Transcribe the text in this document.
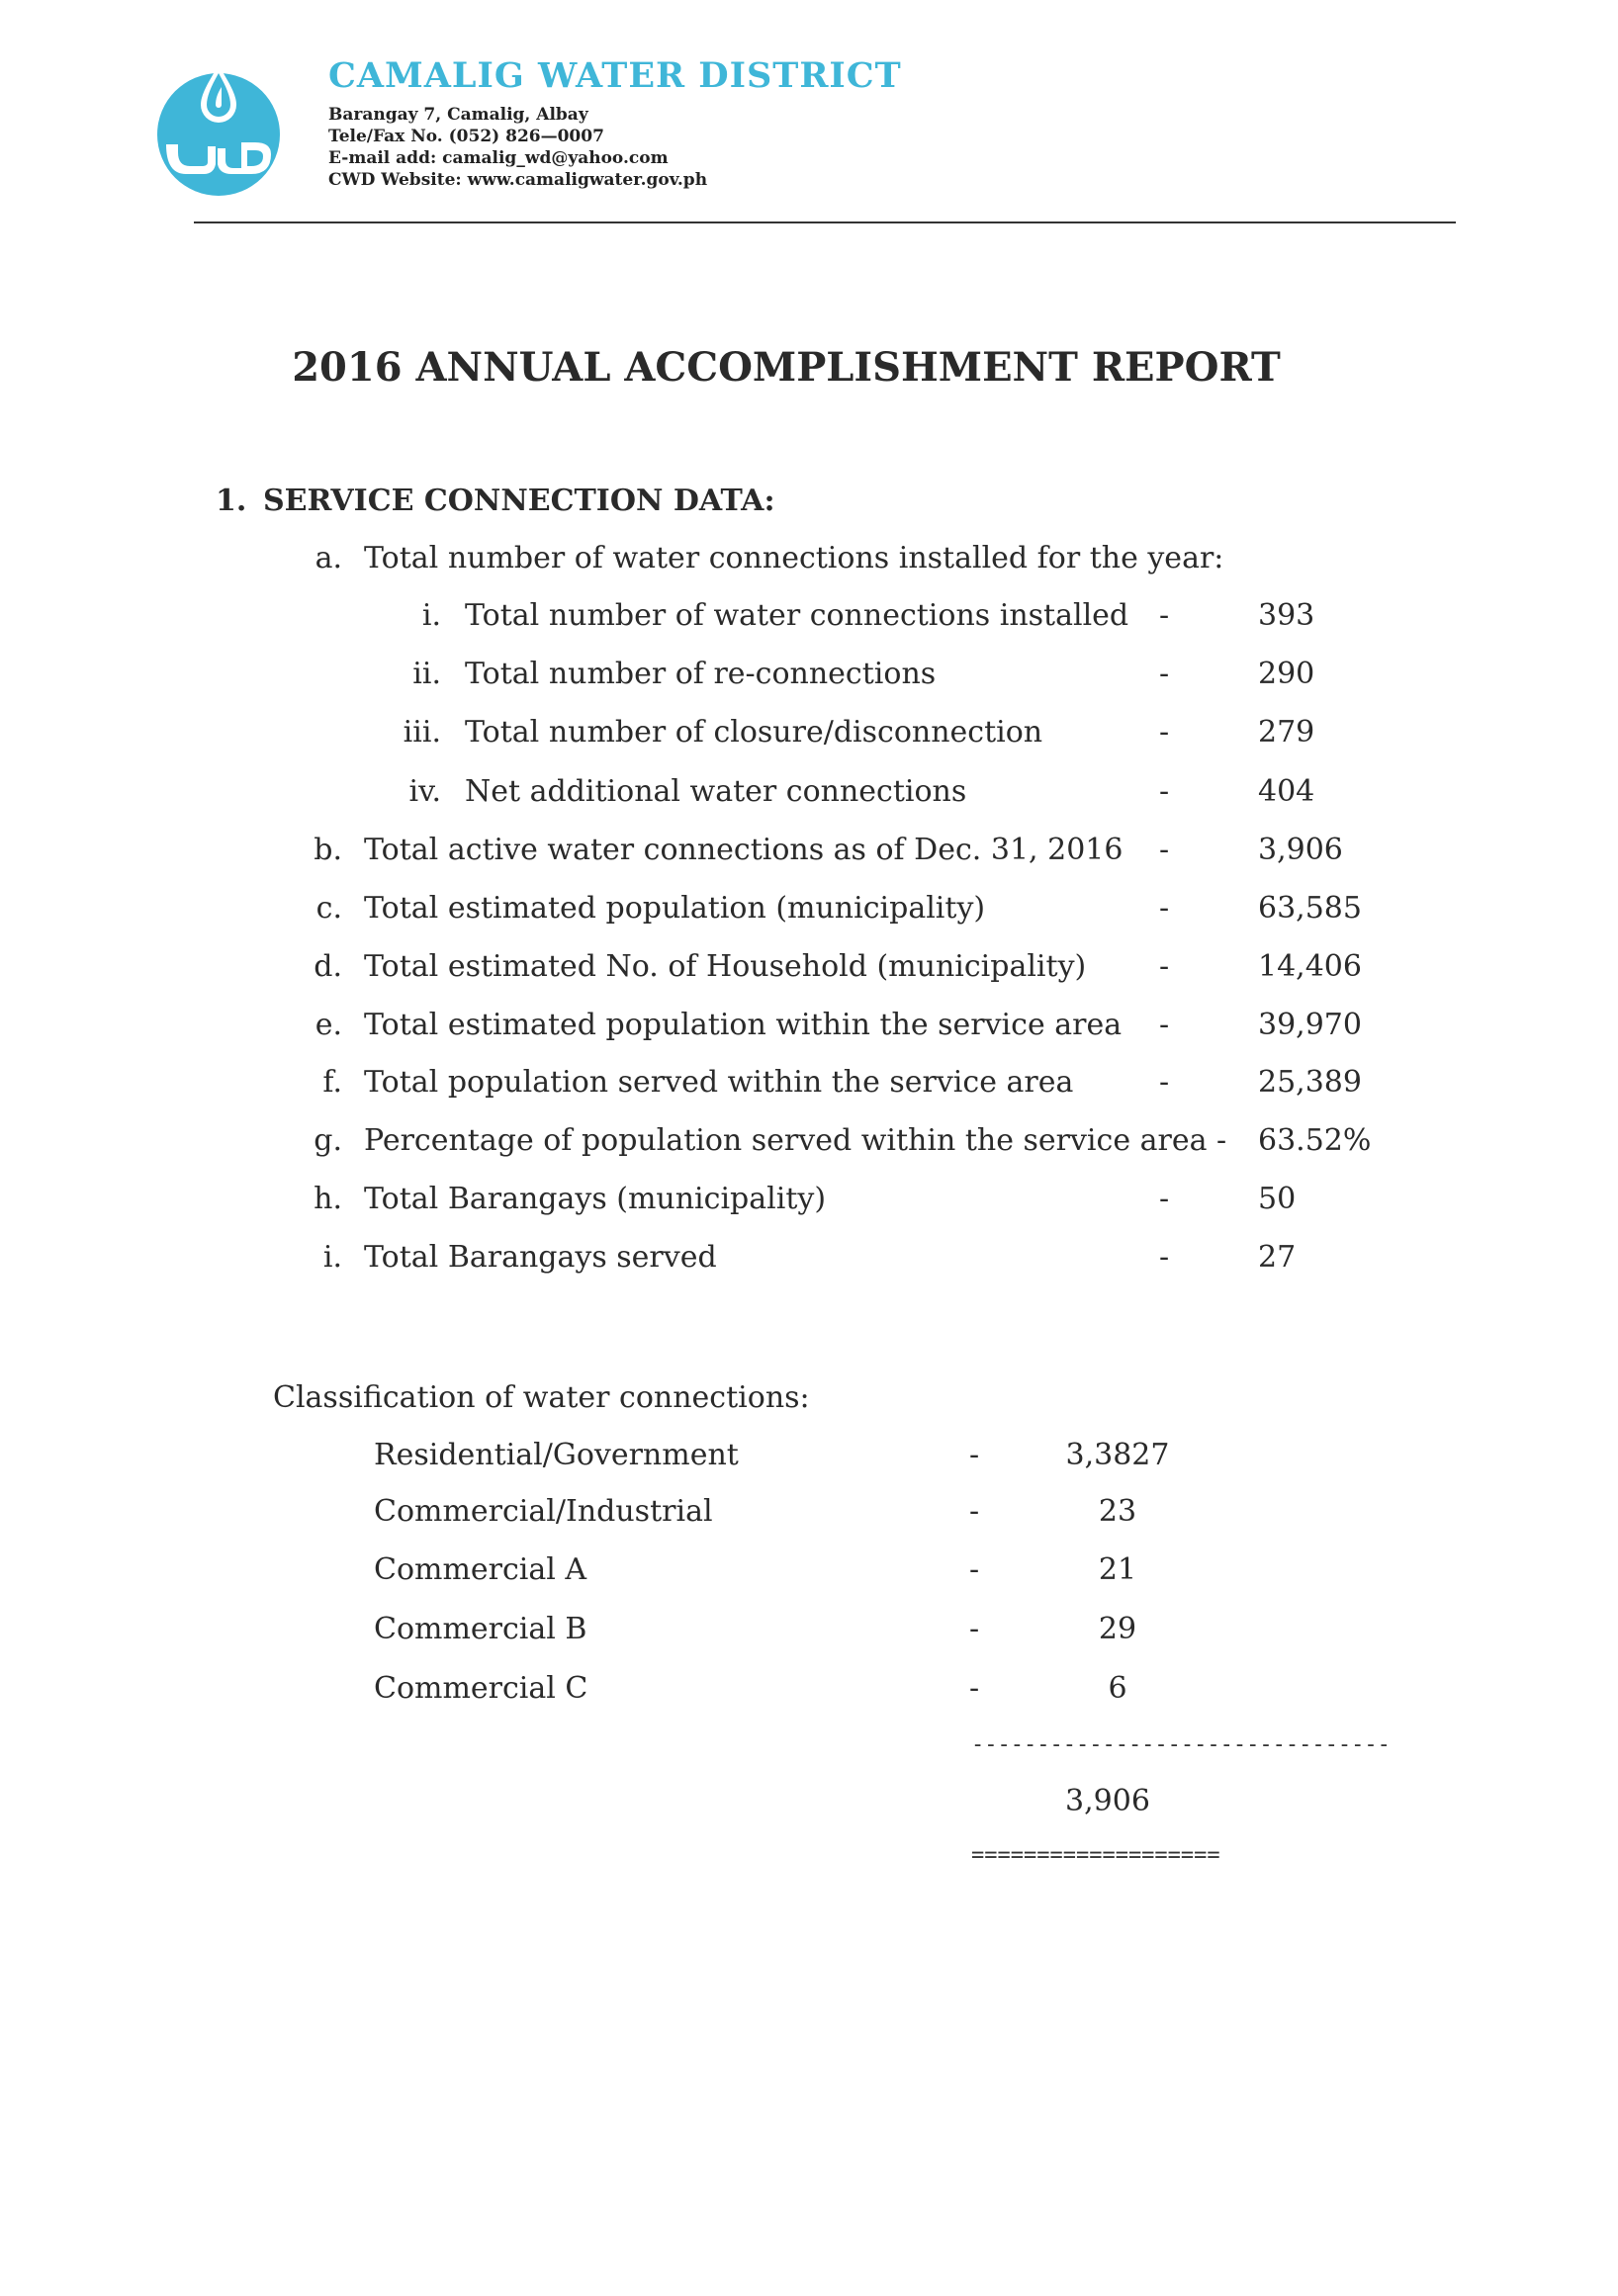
CAMALIG WATER DISTRICT
Barangay 7, Camalig, Albay
Tele/Fax No. (052) 826—0007
E-mail add: camalig_wd@yahoo.com
CWD Website: www.camaligwater.gov.ph
2016 ANNUAL ACCOMPLISHMENT REPORT
1. SERVICE CONNECTION DATA:
a. Total number of water connections installed for the year:
i. Total number of water connections installed -	393
ii. Total number of re-connections	-	290
iii. Total number of closure/disconnection	-	279
iv. Net additional water connections	-	404
b. Total active water connections as of Dec. 31, 2016 -	3,906
c. Total estimated population (municipality)	-	63,585
d. Total estimated No. of Household (municipality) -	14,406
e. Total estimated population within the service area -	39,970
f. Total population served within the service area	-	25,389
g. Percentage of population served within the service area - 63.52%
h. Total Barangays (municipality)	-	50
i. Total Barangays served	-	27
Classification of water connections:
Residential/Government	-	3,3827
Commercial/Industrial	-	23
Commercial A	-	21
Commercial B	-	29
Commercial C	-	6
--------------------------------
3,906
===================
